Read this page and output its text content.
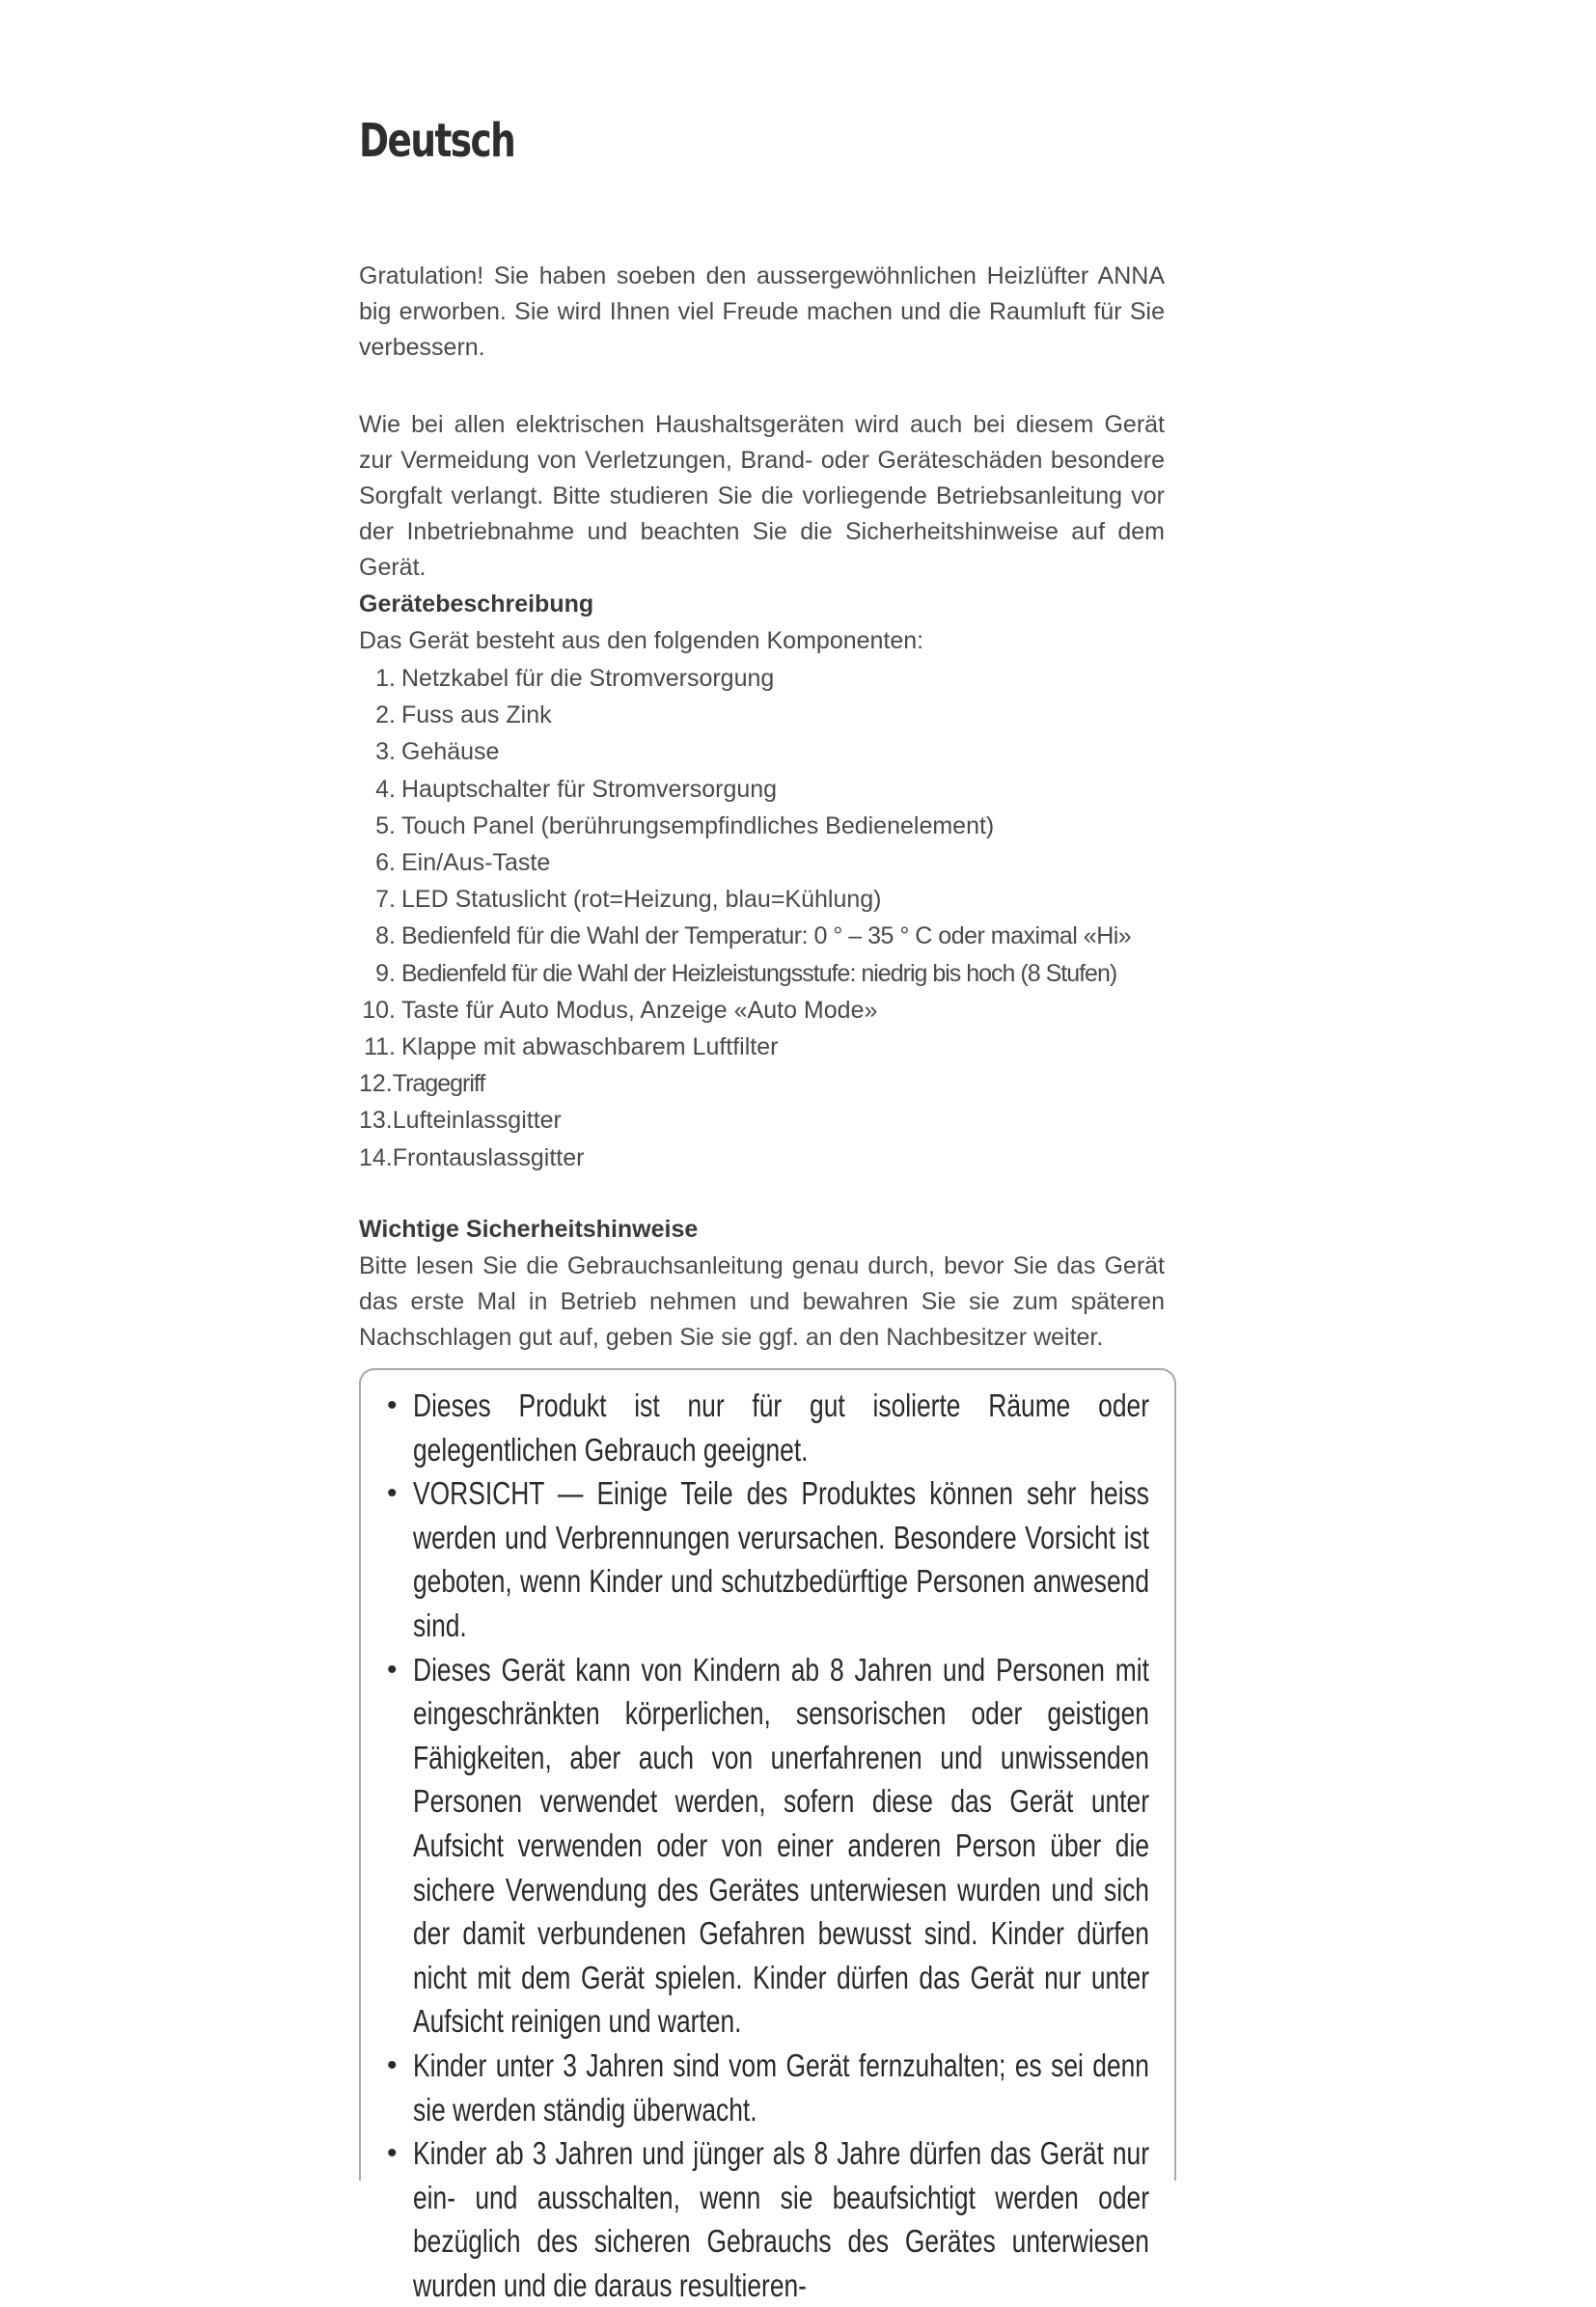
Deutsch

Gratulation! Sie haben soeben den aussergewöhnlichen Heizlüfter ANNA big erworben. Sie wird Ihnen viel Freude machen und die Raumluft für Sie verbessern.

Wie bei allen elektrischen Haushaltsgeräten wird auch bei diesem Gerät zur Vermeidung von Verletzungen, Brand- oder Geräteschäden besondere Sorgfalt verlangt. Bitte studieren Sie die vorliegende Betriebsanleitung vor der Inbetriebnahme und beachten Sie die Sicherheitshinweise auf dem Gerät.

Gerätebeschreibung

Das Gerät besteht aus den folgenden Komponenten:

1. Netzkabel für die Stromversorgung
2. Fuss aus Zink
3. Gehäuse
4. Hauptschalter für Stromversorgung
5. Touch Panel (berührungsempfindliches Bedienelement)
6. Ein/Aus-Taste
7. LED Statuslicht (rot=Heizung, blau=Kühlung)
8. Bedienfeld für die Wahl der Temperatur: 0 ° – 35 ° C oder maximal «Hi»
9. Bedienfeld für die Wahl der Heizleistungsstufe: niedrig bis hoch (8 Stufen)
10. Taste für Auto Modus, Anzeige «Auto Mode»
11. Klappe mit abwaschbarem Luftfilter
12.Tragegriff
13.Lufteinlassgitter
14.Frontauslassgitter
Wichtige Sicherheitshinweise

Bitte lesen Sie die Gebrauchsanleitung genau durch, bevor Sie das Gerät das erste Mal in Betrieb nehmen und bewahren Sie sie zum späteren Nachschlagen gut auf, geben Sie sie ggf. an den Nachbesitzer weiter.

• Dieses Produkt ist nur für gut isolierte Räume oder gelegentlichen Gebrauch geeignet.
• VORSICHT — Einige Teile des Produktes können sehr heiss werden und Verbrennungen verursachen. Besondere Vorsicht ist geboten, wenn Kinder und schutzbedürftige Personen anwesend sind.
• Dieses Gerät kann von Kindern ab 8 Jahren und Personen mit eingeschränkten körperlichen, sensorischen oder geistigen Fähigkeiten, aber auch von unerfahrenen und unwissenden Personen verwendet werden, sofern diese das Gerät unter Aufsicht verwenden oder von einer anderen Person über die sichere Verwendung des Gerätes unterwiesen wurden und sich der damit verbundenen Gefahren bewusst sind. Kinder dürfen nicht mit dem Gerät spielen. Kinder dürfen das Gerät nur unter Aufsicht reinigen und warten.
• Kinder unter 3 Jahren sind vom Gerät fernzuhalten; es sei denn sie werden ständig überwacht.
• Kinder ab 3 Jahren und jünger als 8 Jahre dürfen das Gerät nur ein- und ausschalten, wenn sie beaufsichtigt werden oder bezüglich des sicheren Gebrauchs des Gerätes unterwiesen wurden und die daraus resultieren-
